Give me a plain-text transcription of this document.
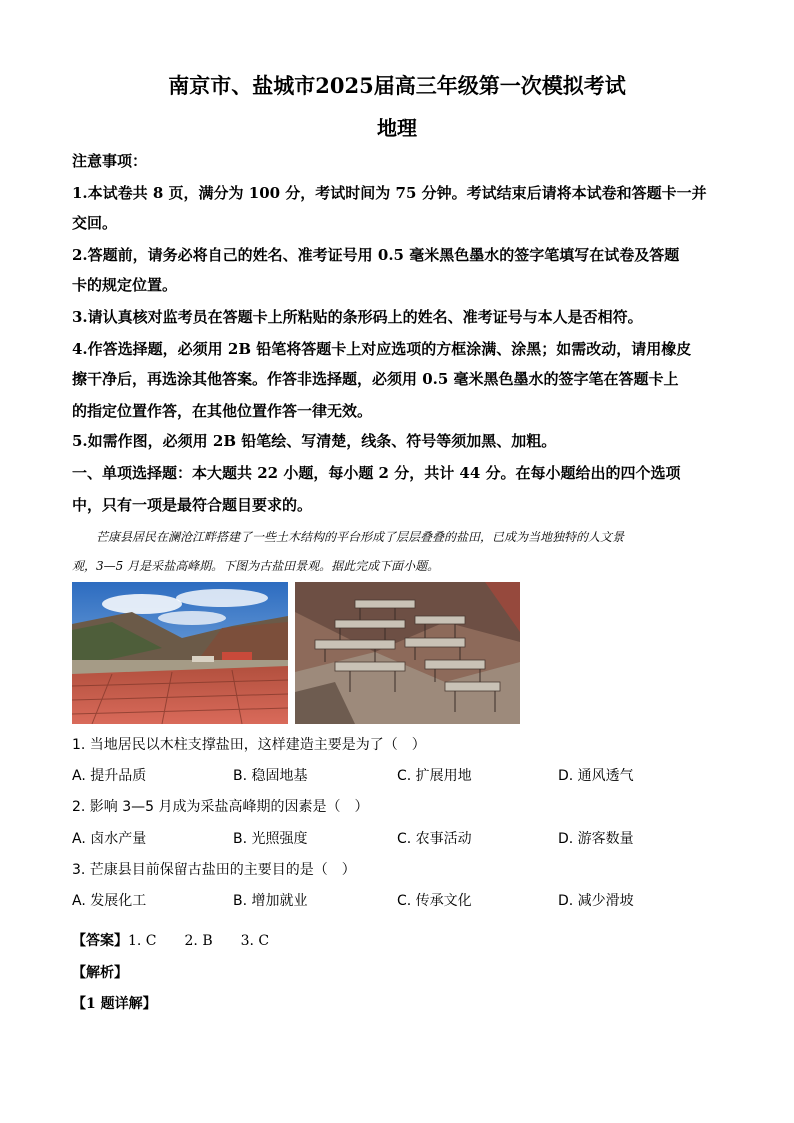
南京市、盐城市2025届高三年级第一次模拟考试
地理
注意事项：
1.本试卷共 8 页，满分为 100 分，考试时间为 75 分钟。考试结束后请将本试卷和答题卡一并
交回。
2.答题前，请务必将自己的姓名、准考证号用 0.5 毫米黑色墨水的签字笔填写在试卷及答题
卡的规定位置。
3.请认真核对监考员在答题卡上所粘贴的条形码上的姓名、准考证号与本人是否相符。
4.作答选择题，必须用 2B 铅笔将答题卡上对应选项的方框涂满、涂黑；如需改动，请用橡皮
擦干净后，再选涂其他答案。作答非选择题，必须用 0.5 毫米黑色墨水的签字笔在答题卡上
的指定位置作答，在其他位置作答一律无效。
5.如需作图，必须用 2B 铅笔绘、写清楚，线条、符号等须加黑、加粗。
一、单项选择题：本大题共 22 小题，每小题 2 分，共计 44 分。在每小题给出的四个选项
中，只有一项是最符合题目要求的。
　　芒康县居民在澜沧江畔搭建了一些土木结构的平台形成了层层叠叠的盐田，已成为当地独特的人文景
观，3—5 月是采盐高峰期。下图为古盐田景观。据此完成下面小题。
1. 当地居民以木柱支撑盐田，这样建造主要是为了（　）
A. 提升品质	B. 稳固地基	C. 扩展用地	D. 通风透气
2. 影响 3—5 月成为采盐高峰期的因素是（　）
A. 卤水产量	B. 光照强度	C. 农事活动	D. 游客数量
3. 芒康县目前保留古盐田的主要目的是（　）
A. 发展化工	B. 增加就业	C. 传承文化	D. 减少滑坡
【答案】1. C　　2. B　　3. C
【解析】
【1 题详解】
